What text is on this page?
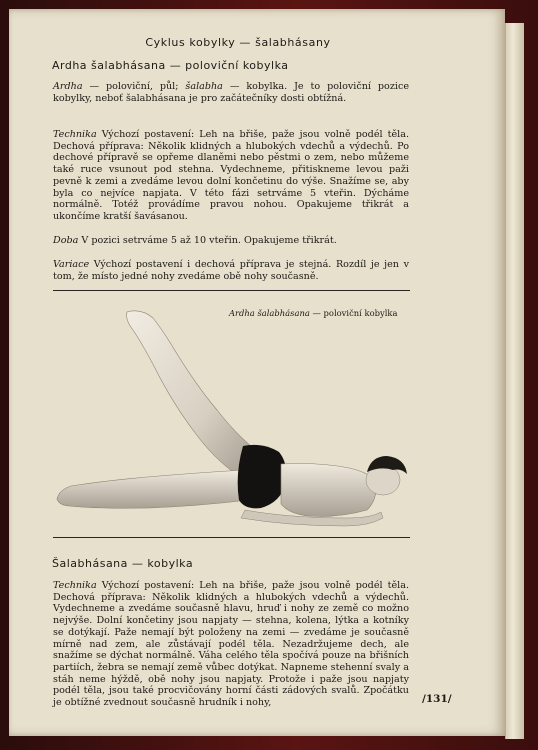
Cyklus kobylky — šalabhásany
Ardha šalabhásana — poloviční kobylka
Ardha — poloviční, půl; šalabha — kobylka. Je to poloviční pozice kobylky, neboť šalabhásana je pro začátečníky dosti obtížná.
Technika Výchozí postavení: Leh na břiše, paže jsou volně podél těla. Dechová příprava: Několik klidných a hlubokých vdechů a výdechů. Po dechové přípravě se opřeme dlaněmi nebo pěstmi o zem, nebo můžeme také ruce vsunout pod stehna. Vydechneme, přitiskneme levou paži pevně k zemi a zvedáme levou dolní končetinu do výše. Snažíme se, aby byla co nejvíce napjata. V této fázi setrváme 5 vteřin. Dýcháme normálně. Totéž provádíme pravou nohou. Opakujeme třikrát a ukončíme kratší šavásanou.
Doba V pozici setrváme 5 až 10 vteřin. Opakujeme třikrát.
Variace Výchozí postavení i dechová příprava je stejná. Rozdíl je jen v tom, že místo jedné nohy zvedáme obě nohy současně.
Ardha šalabhásana — poloviční kobylka
Šalabhásana — kobylka
Technika Výchozí postavení: Leh na břiše, paže jsou volně podél těla. Dechová příprava: Několik klidných a hlubokých vdechů a výdechů. Vydechneme a zvedáme současně hlavu, hruď i nohy ze země co možno nejvýše. Dolní končetiny jsou napjaty — stehna, kolena, lýtka a kotníky se dotýkají. Paže nemají být položeny na zemi — zvedáme je současně mírně nad zem, ale zůstávají podél těla. Nezadržujeme dech, ale snažíme se dýchat normálně. Váha celého těla spočívá pouze na břišních partiích, žebra se nemají země vůbec dotýkat. Napneme stehenní svaly a stáh neme hýždě, obě nohy jsou napjaty. Protože i paže jsou napjaty podél těla, jsou také procvičovány horní části zádových svalů. Zpočátku je obtížné zvednout současně hrudník i nohy,	/131/
